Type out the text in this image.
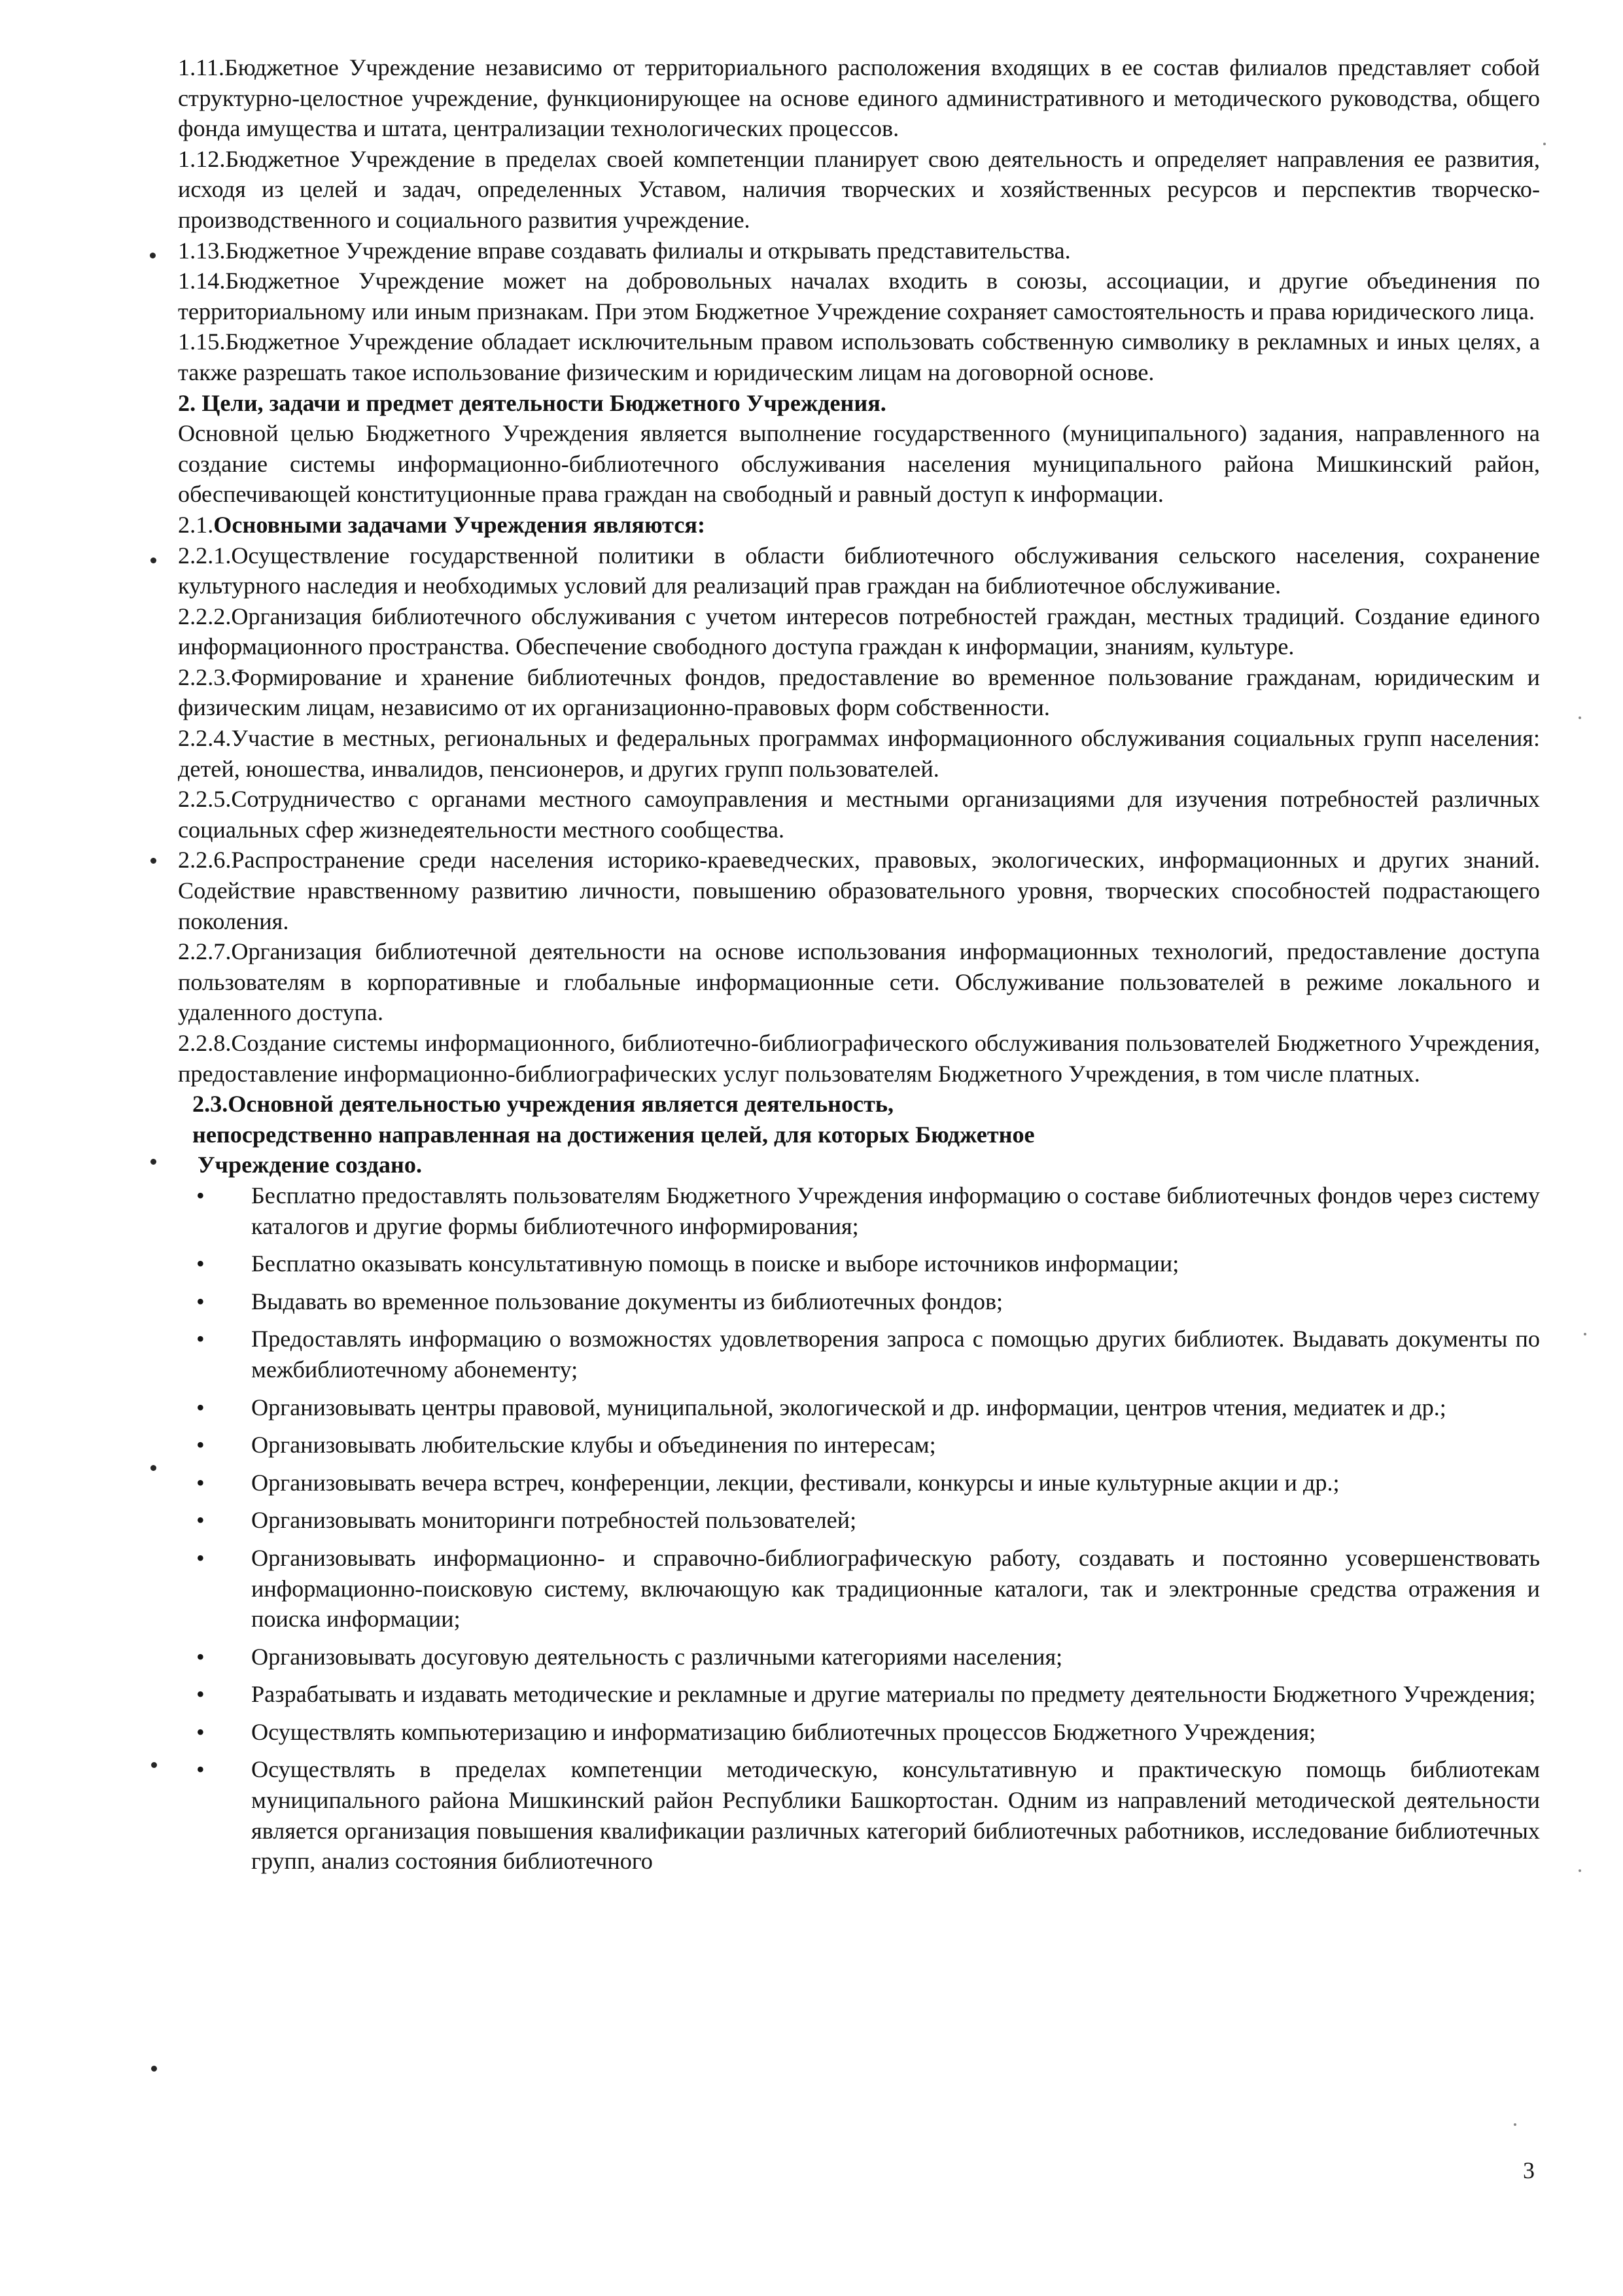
1.11.Бюджетное Учреждение независимо от территориального расположения входящих в ее состав филиалов представляет собой структурно-целостное учреждение, функционирующее на основе единого административного и методического руководства, общего фонда имущества и штата, централизации технологических процессов.

1.12.Бюджетное Учреждение в пределах своей компетенции планирует свою деятельность и определяет направления ее развития, исходя из целей и задач, определенных Уставом, наличия творческих и хозяйственных ресурсов и перспектив творческо-производственного и социального развития учреждение.

1.13.Бюджетное Учреждение вправе создавать филиалы и открывать представительства.

1.14.Бюджетное Учреждение может на добровольных началах входить в союзы, ассоциации, и другие объединения по территориальному или иным признакам. При этом Бюджетное Учреждение сохраняет самостоятельность и права юридического лица.

1.15.Бюджетное Учреждение обладает исключительным правом использовать собственную символику в рекламных и иных целях, а также разрешать такое использование физическим и юридическим лицам на договорной основе.

2. Цели, задачи и предмет деятельности Бюджетного Учреждения.

Основной целью Бюджетного Учреждения является выполнение государственного (муниципального) задания, направленного на создание системы информационно-библиотечного обслуживания населения муниципального района Мишкинский район, обеспечивающей конституционные права граждан на свободный и равный доступ к информации.

2.1.Основными задачами Учреждения являются:

2.2.1.Осуществление государственной политики в области библиотечного обслуживания сельского населения, сохранение культурного наследия и необходимых условий для реализаций прав граждан на библиотечное обслуживание.

2.2.2.Организация библиотечного обслуживания с учетом интересов потребностей граждан, местных традиций. Создание единого информационного пространства. Обеспечение свободного доступа граждан к информации, знаниям, культуре.

2.2.3.Формирование и хранение библиотечных фондов, предоставление во временное пользование гражданам, юридическим и физическим лицам, независимо от их организационно-правовых форм собственности.

2.2.4.Участие в местных, региональных и федеральных программах информационного обслуживания социальных групп населения: детей, юношества, инвалидов, пенсионеров, и других групп пользователей.

2.2.5.Сотрудничество с органами местного самоуправления и местными организациями для изучения потребностей различных социальных сфер жизнедеятельности местного сообщества.

2.2.6.Распространение среди населения историко-краеведческих, правовых, экологических, информационных и других знаний. Содействие нравственному развитию личности, повышению образовательного уровня, творческих способностей подрастающего поколения.

2.2.7.Организация библиотечной деятельности на основе использования информационных технологий, предоставление доступа пользователям в корпоративные и глобальные информационные сети. Обслуживание пользователей в режиме локального и удаленного доступа.

2.2.8.Создание системы информационного, библиотечно-библиографического обслуживания пользователей Бюджетного Учреждения, предоставление информационно-библиографических услуг пользователям Бюджетного Учреждения, в том числе платных.

2.3.Основной деятельностью учреждения является деятельность,

непосредственно направленная на достижения целей, для которых Бюджетное

Учреждение создано.

• Бесплатно предоставлять пользователям Бюджетного Учреждения информацию о составе библиотечных фондов через систему каталогов и другие формы библиотечного информирования;
• Бесплатно оказывать консультативную помощь в поиске и выборе источников информации;
• Выдавать во временное пользование документы из библиотечных фондов;
• Предоставлять информацию о возможностях удовлетворения запроса с помощью других библиотек. Выдавать документы по межбиблиотечному абонементу;
• Организовывать центры правовой, муниципальной, экологической и др. информации, центров чтения, медиатек и др.;
• Организовывать любительские клубы и объединения по интересам;
• Организовывать вечера встреч, конференции, лекции, фестивали, конкурсы и иные культурные акции и др.;
• Организовывать мониторинги потребностей пользователей;
• Организовывать информационно- и справочно-библиографическую работу, создавать и постоянно усовершенствовать информационно-поисковую систему, включающую как традиционные каталоги, так и электронные средства отражения и поиска информации;
• Организовывать досуговую деятельность с различными категориями населения;
• Разрабатывать и издавать методические и рекламные и другие материалы по предмету деятельности Бюджетного Учреждения;
• Осуществлять компьютеризацию и информатизацию библиотечных процессов Бюджетного Учреждения;
• Осуществлять в пределах компетенции методическую, консультативную и практическую помощь библиотекам муниципального района Мишкинский район Республики Башкортостан. Одним из направлений методической деятельности является организация повышения квалификации различных категорий библиотечных работников, исследование библиотечных групп, анализ состояния библиотечного
3
